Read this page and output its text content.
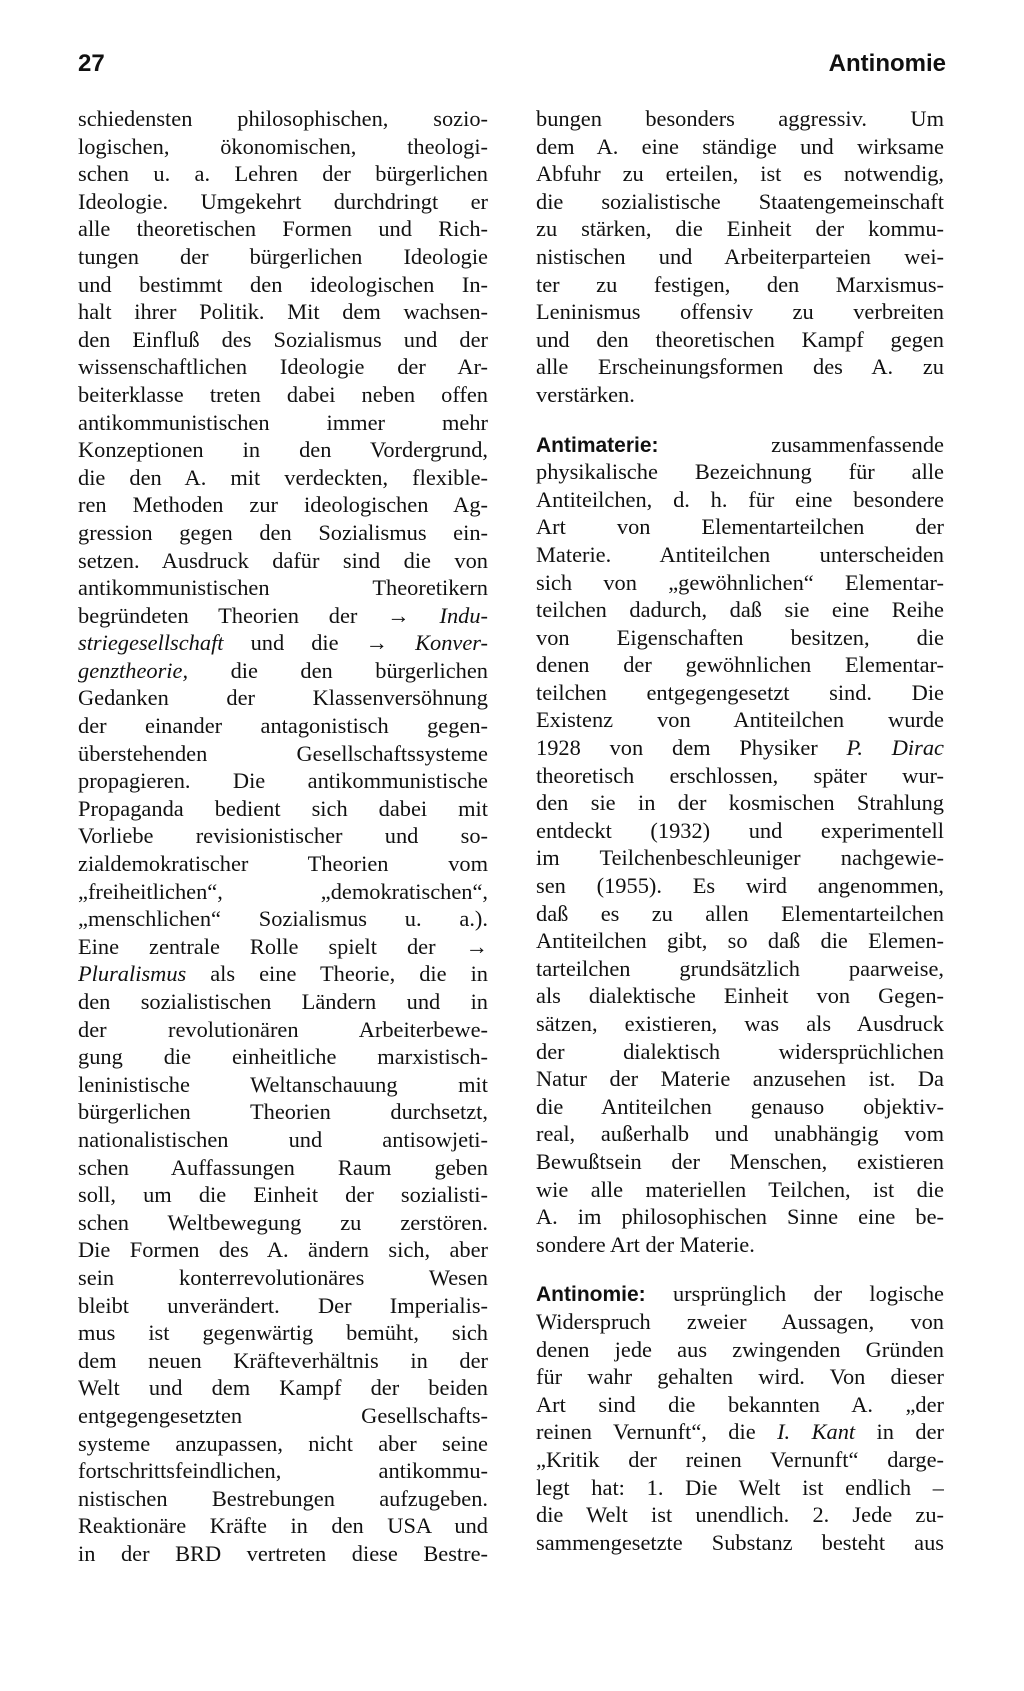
27	Antinomie
schiedensten philosophischen, sozio-
logischen, ökonomischen, theologi-
schen u. a. Lehren der bürgerlichen
Ideologie. Umgekehrt durchdringt er
alle theoretischen Formen und Rich-
tungen der bürgerlichen Ideologie
und bestimmt den ideologischen In-
halt ihrer Politik. Mit dem wachsen-
den Einfluß des Sozialismus und der
wissenschaftlichen Ideologie der Ar-
beiterklasse treten dabei neben offen
antikommunistischen immer mehr
Konzeptionen in den Vordergrund,
die den A. mit verdeckten, flexible-
ren Methoden zur ideologischen Ag-
gression gegen den Sozialismus ein-
setzen. Ausdruck dafür sind die von
antikommunistischen Theoretikern
begründeten Theorien der → Indu-
striegesellschaft und die → Konver-
genztheorie, die den bürgerlichen
Gedanken der Klassenversöhnung
der einander antagonistisch gegen-
überstehenden Gesellschaftssysteme
propagieren. Die antikommunistische
Propaganda bedient sich dabei mit
Vorliebe revisionistischer und so-
zialdemokratischer Theorien vom
„freiheitlichen“, „demokratischen“,
„menschlichen“ Sozialismus u. a.).
Eine zentrale Rolle spielt der →
Pluralismus als eine Theorie, die in
den sozialistischen Ländern und in
der revolutionären Arbeiterbewe-
gung die einheitliche marxistisch-
leninistische Weltanschauung mit
bürgerlichen Theorien durchsetzt,
nationalistischen und antisowjeti-
schen Auffassungen Raum geben
soll, um die Einheit der sozialisti-
schen Weltbewegung zu zerstören.
Die Formen des A. ändern sich, aber
sein konterrevolutionäres Wesen
bleibt unverändert. Der Imperialis-
mus ist gegenwärtig bemüht, sich
dem neuen Kräfteverhältnis in der
Welt und dem Kampf der beiden
entgegengesetzten Gesellschafts-
systeme anzupassen, nicht aber seine
fortschrittsfeindlichen, antikommu-
nistischen Bestrebungen aufzugeben.
Reaktionäre Kräfte in den USA und
in der BRD vertreten diese Bestre-
bungen besonders aggressiv. Um
dem A. eine ständige und wirksame
Abfuhr zu erteilen, ist es notwendig,
die sozialistische Staatengemeinschaft
zu stärken, die Einheit der kommu-
nistischen und Arbeiterparteien wei-
ter zu festigen, den Marxismus-
Leninismus offensiv zu verbreiten
und den theoretischen Kampf gegen
alle Erscheinungsformen des A. zu
verstärken.
Antimaterie: zusammenfassende
physikalische Bezeichnung für alle
Antiteilchen, d. h. für eine besondere
Art von Elementarteilchen der
Materie. Antiteilchen unterscheiden
sich von „gewöhnlichen“ Elementar-
teilchen dadurch, daß sie eine Reihe
von Eigenschaften besitzen, die
denen der gewöhnlichen Elementar-
teilchen entgegengesetzt sind. Die
Existenz von Antiteilchen wurde
1928 von dem Physiker P. Dirac
theoretisch erschlossen, später wur-
den sie in der kosmischen Strahlung
entdeckt (1932) und experimentell
im Teilchenbeschleuniger nachgewie-
sen (1955). Es wird angenommen,
daß es zu allen Elementarteilchen
Antiteilchen gibt, so daß die Elemen-
tarteilchen grundsätzlich paarweise,
als dialektische Einheit von Gegen-
sätzen, existieren, was als Ausdruck
der dialektisch widersprüchlichen
Natur der Materie anzusehen ist. Da
die Antiteilchen genauso objektiv-
real, außerhalb und unabhängig vom
Bewußtsein der Menschen, existieren
wie alle materiellen Teilchen, ist die
A. im philosophischen Sinne eine be-
sondere Art der Materie.
Antinomie: ursprünglich der logische
Widerspruch zweier Aussagen, von
denen jede aus zwingenden Gründen
für wahr gehalten wird. Von dieser
Art sind die bekannten A. „der
reinen Vernunft“, die I. Kant in der
„Kritik der reinen Vernunft“ darge-
legt hat: 1. Die Welt ist endlich –
die Welt ist unendlich. 2. Jede zu-
sammengesetzte Substanz besteht aus
